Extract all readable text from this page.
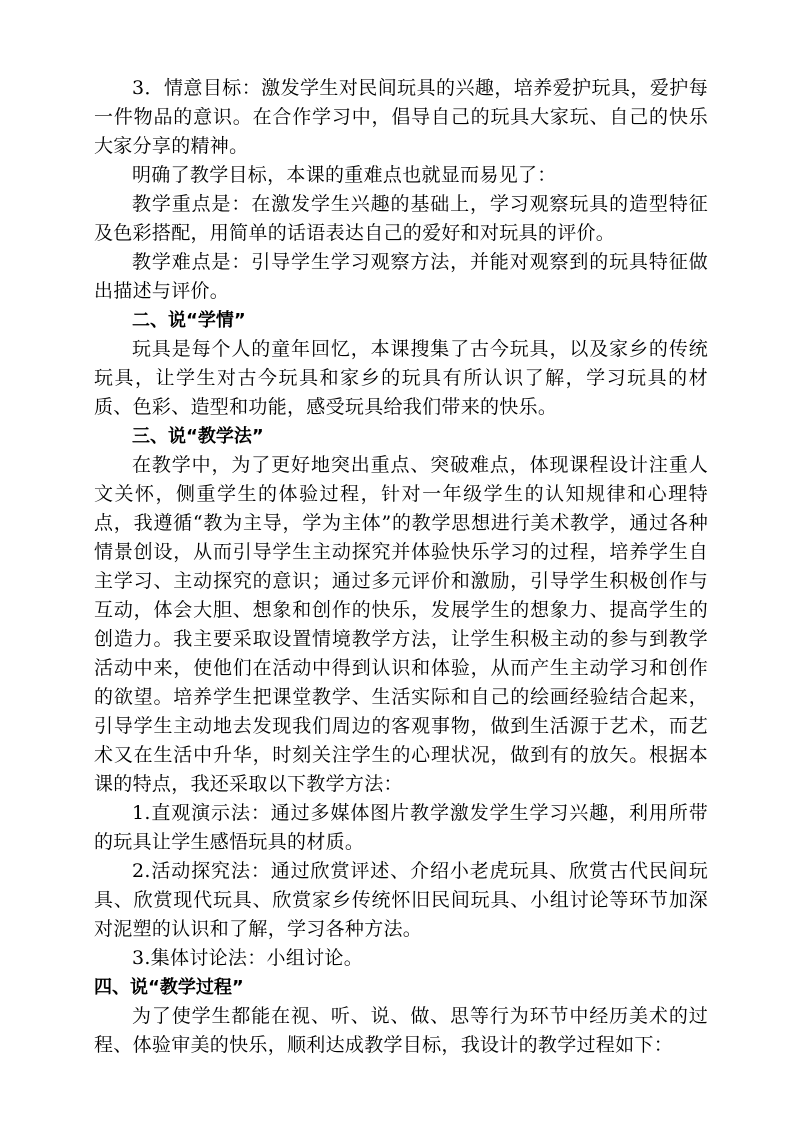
3．情意目标：激发学生对民间玩具的兴趣，培养爱护玩具，爱护每一件物品的意识。在合作学习中，倡导自己的玩具大家玩、自己的快乐大家分享的精神。

明确了教学目标，本课的重难点也就显而易见了：

教学重点是：在激发学生兴趣的基础上，学习观察玩具的造型特征及色彩搭配，用简单的话语表达自己的爱好和对玩具的评价。

教学难点是：引导学生学习观察方法，并能对观察到的玩具特征做出描述与评价。

二、说“学情”

玩具是每个人的童年回忆，本课搜集了古今玩具，以及家乡的传统玩具，让学生对古今玩具和家乡的玩具有所认识了解，学习玩具的材质、色彩、造型和功能，感受玩具给我们带来的快乐。

三、说“教学法”

在教学中，为了更好地突出重点、突破难点，体现课程设计注重人文关怀，侧重学生的体验过程，针对一年级学生的认知规律和心理特点，我遵循“教为主导，学为主体”的教学思想进行美术教学，通过各种情景创设，从而引导学生主动探究并体验快乐学习的过程，培养学生自主学习、主动探究的意识；通过多元评价和激励，引导学生积极创作与互动，体会大胆、想象和创作的快乐，发展学生的想象力、提高学生的创造力。我主要采取设置情境教学方法，让学生积极主动的参与到教学活动中来，使他们在活动中得到认识和体验，从而产生主动学习和创作的欲望。培养学生把课堂教学、生活实际和自己的绘画经验结合起来，引导学生主动地去发现我们周边的客观事物，做到生活源于艺术，而艺术又在生活中升华，时刻关注学生的心理状况，做到有的放矢。根据本课的特点，我还采取以下教学方法：

1.直观演示法：通过多媒体图片教学激发学生学习兴趣，利用所带的玩具让学生感悟玩具的材质。

2.活动探究法：通过欣赏评述、介绍小老虎玩具、欣赏古代民间玩具、欣赏现代玩具、欣赏家乡传统怀旧民间玩具、小组讨论等环节加深对泥塑的认识和了解，学习各种方法。

3.集体讨论法：小组讨论。

四、说“教学过程”

为了使学生都能在视、听、说、做、思等行为环节中经历美术的过程、体验审美的快乐，顺利达成教学目标，我设计的教学过程如下：
